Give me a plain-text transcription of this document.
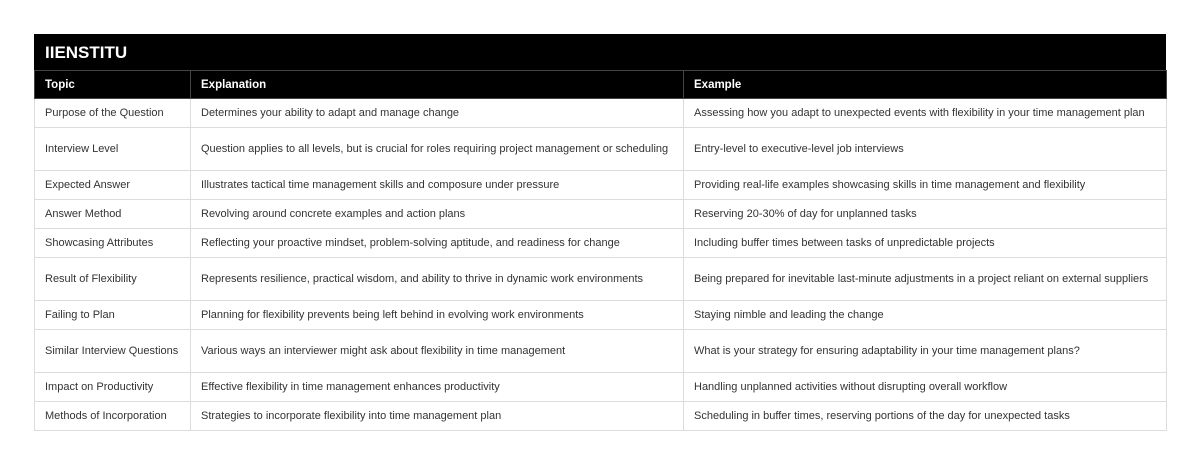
IIENSTITU
Topic	Explanation	Example
Purpose of the Question	Determines your ability to adapt and manage change	Assessing how you adapt to unexpected events with flexibility in your time management plan
Interview Level	Question applies to all levels, but is crucial for roles requiring project management or scheduling	Entry-level to executive-level job interviews
Expected Answer	Illustrates tactical time management skills and composure under pressure	Providing real-life examples showcasing skills in time management and flexibility
Answer Method	Revolving around concrete examples and action plans	Reserving 20-30% of day for unplanned tasks
Showcasing Attributes	Reflecting your proactive mindset, problem-solving aptitude, and readiness for change	Including buffer times between tasks of unpredictable projects
Result of Flexibility	Represents resilience, practical wisdom, and ability to thrive in dynamic work environments	Being prepared for inevitable last-minute adjustments in a project reliant on external suppliers
Failing to Plan	Planning for flexibility prevents being left behind in evolving work environments	Staying nimble and leading the change
Similar Interview Questions	Various ways an interviewer might ask about flexibility in time management	What is your strategy for ensuring adaptability in your time management plans?
Impact on Productivity	Effective flexibility in time management enhances productivity	Handling unplanned activities without disrupting overall workflow
Methods of Incorporation	Strategies to incorporate flexibility into time management plan	Scheduling in buffer times, reserving portions of the day for unexpected tasks
